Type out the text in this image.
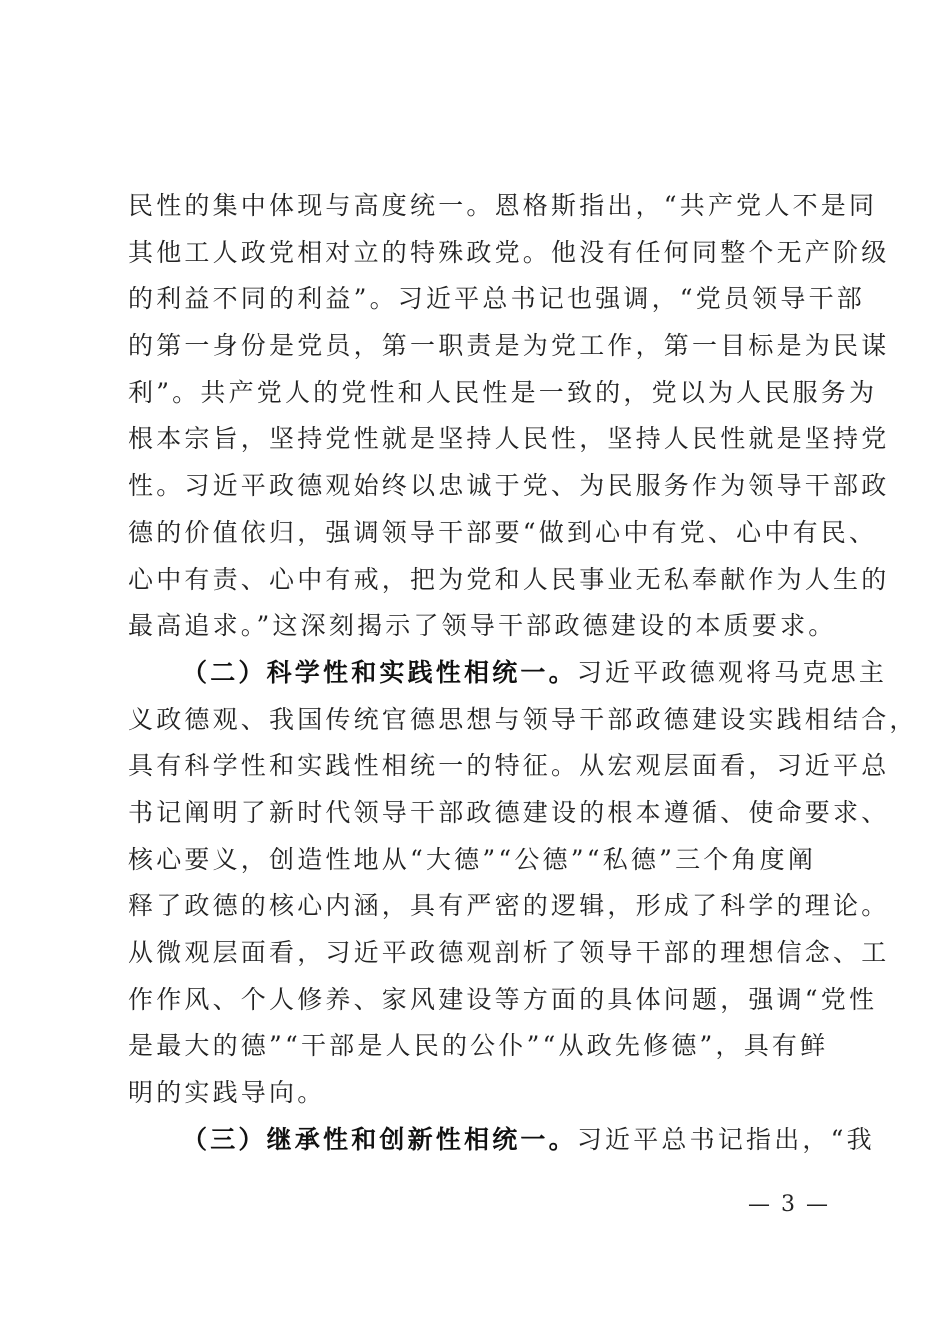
民性的集中体现与高度统一。恩格斯指出，“共产党人不是同
其他工人政党相对立的特殊政党。他没有任何同整个无产阶级
的利益不同的利益”。习近平总书记也强调，“党员领导干部
的第一身份是党员，第一职责是为党工作，第一目标是为民谋
利”。共产党人的党性和人民性是一致的，党以为人民服务为
根本宗旨，坚持党性就是坚持人民性，坚持人民性就是坚持党
性。习近平政德观始终以忠诚于党、为民服务作为领导干部政
德的价值依归，强调领导干部要“做到心中有党、心中有民、
心中有责、心中有戒，把为党和人民事业无私奉献作为人生的
最高追求。”这深刻揭示了领导干部政德建设的本质要求。
（二）科学性和实践性相统一。习近平政德观将马克思主
义政德观、我国传统官德思想与领导干部政德建设实践相结合，
具有科学性和实践性相统一的特征。从宏观层面看，习近平总
书记阐明了新时代领导干部政德建设的根本遵循、使命要求、
核心要义，创造性地从“大德”“公德”“私德”三个角度阐
释了政德的核心内涵，具有严密的逻辑，形成了科学的理论。
从微观层面看，习近平政德观剖析了领导干部的理想信念、工
作作风、个人修养、家风建设等方面的具体问题，强调“党性
是最大的德”“干部是人民的公仆”“从政先修德”，具有鲜
明的实践导向。
（三）继承性和创新性相统一。习近平总书记指出，“我
— 3 —
